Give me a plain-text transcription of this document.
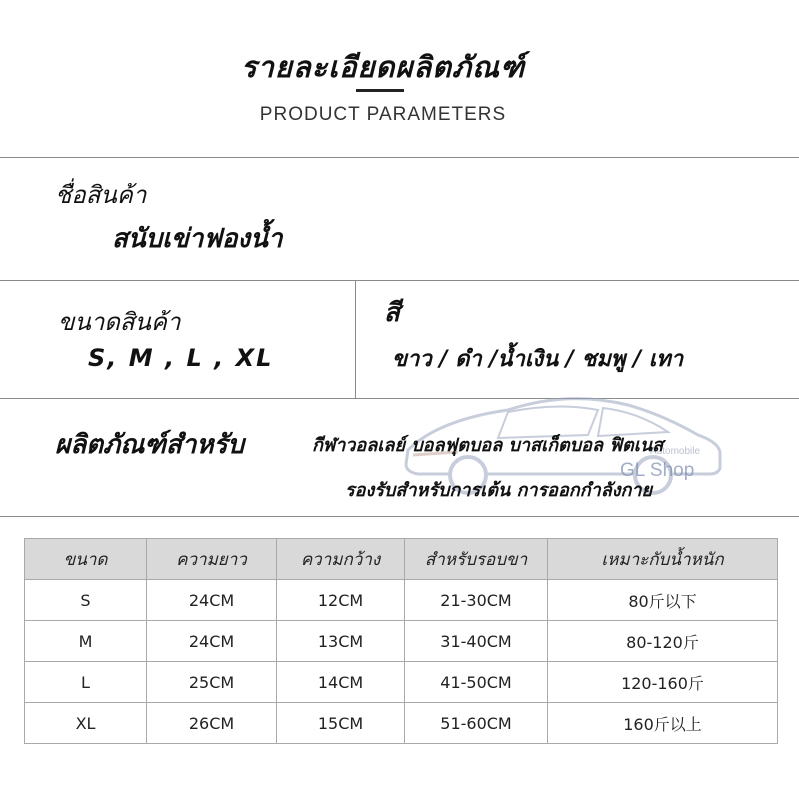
รายละเอียดผลิตภัณฑ์
PRODUCT PARAMETERS
ชื่อสินค้า
สนับเข่าฟองน้ำ
ขนาดสินค้า
S, M , L , XL
สี
ขาว / ดำ /น้ำเงิน / ชมพู / เทา
Automobile
GL Shop
ผลิตภัณฑ์สำหรับ	กีฬาวอลเลย์ บอลฟุตบอล บาสเก็ตบอล ฟิตเนส
รองรับสำหรับการเต้น การออกกำลังกาย
ขนาด	ความยาว	ความกว้าง	สำหรับรอบขา	เหมาะกับน้ำหนัก
S	24CM	12CM	21-30CM	80斤以下
M	24CM	13CM	31-40CM	80-120斤
L	25CM	14CM	41-50CM	120-160斤
XL	26CM	15CM	51-60CM	160斤以上
